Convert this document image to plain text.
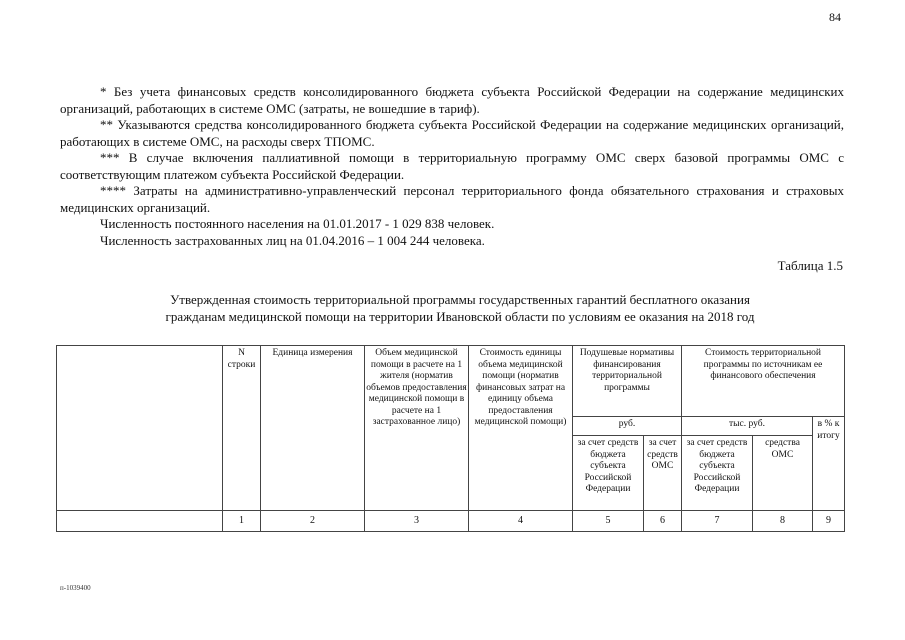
84

* Без учета финансовых средств консолидированного бюджета субъекта Российской Федерации на содержание медицинских организаций, работающих в системе ОМС (затраты, не вошедшие в тариф).

** Указываются средства консолидированного бюджета субъекта Российской Федерации на содержание медицинских организаций, работающих в системе ОМС, на расходы сверх ТПОМС.

*** В случае включения паллиативной помощи в территориальную программу ОМС сверх базовой программы ОМС с соответствующим платежом субъекта Российской Федерации.

**** Затраты на административно-управленческий персонал территориального фонда обязательного страхования и страховых медицинских организаций.

Численность постоянного населения на 01.01.2017 - 1 029 838 человек.

Численность застрахованных лиц на 01.04.2016 – 1 004 244 человека.

Таблица 1.5
Утвержденная стоимость территориальной программы государственных гарантий бесплатного оказания
гражданам медицинской помощи на территории Ивановской области по условиям ее оказания на 2018 год
	N строки	Единица измерения	Объем медицинской помощи в расчете на 1 жителя (норматив объемов предоставления медицинской помощи в расчете на 1 застрахованное лицо)	Стоимость единицы объема медицинской помощи (норматив финансовых затрат на единицу объема предоставления медицинской помощи)	Подушевые нормативы финансирования территориальной программы		Стоимость территориальной программы по источникам ее финансового обеспечения		
					руб.		тыс. руб.		в % к итогу
					за счет средств бюджета субъекта Российской Федерации	за счет средств ОМС	за счет средств бюджета субъекта Российской Федерации	средства ОМС	
	1	2	3	4	5	6	7	8	9
п-1039400
